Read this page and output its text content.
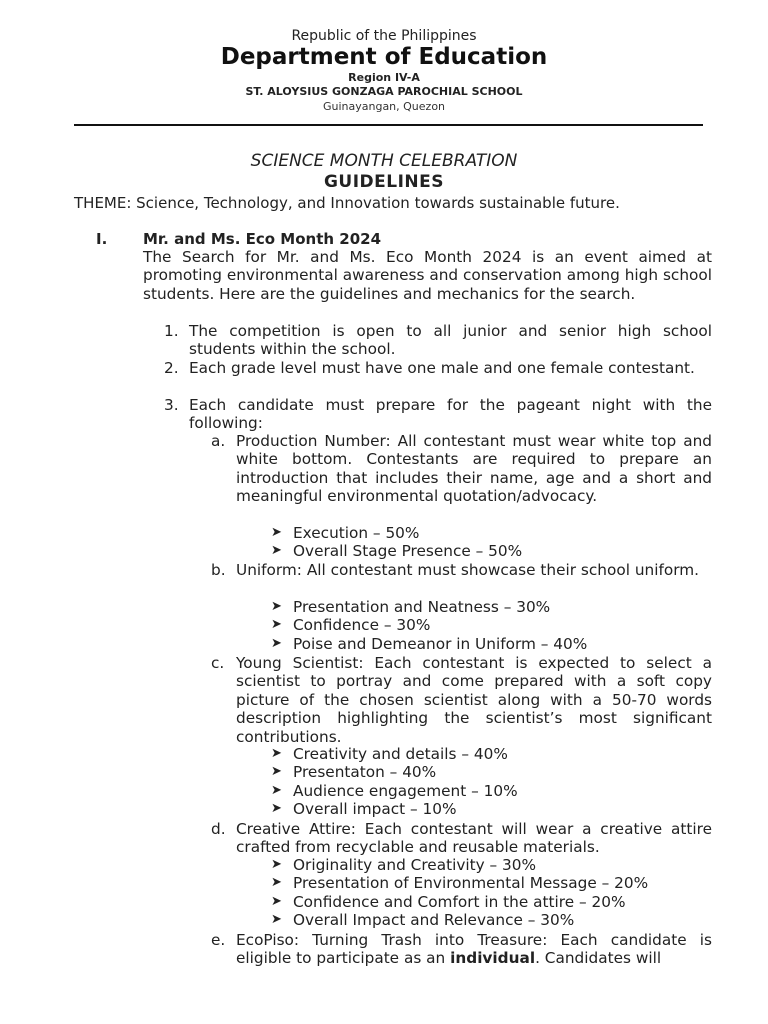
Republic of the Philippines

Department of Education

Region IV-A

ST. ALOYSIUS GONZAGA PAROCHIAL SCHOOL

Guinayangan, Quezon

SCIENCE MONTH CELEBRATION

GUIDELINES

THEME: Science, Technology, and Innovation towards sustainable future.

I. Mr. and Ms. Eco Month 2024
The Search for Mr. and Ms. Eco Month 2024 is an event aimed at promoting environmental awareness and conservation among high school students. Here are the guidelines and mechanics for the search.
1. The competition is open to all junior and senior high school students within the school.
2. Each grade level must have one male and one female contestant.
3. Each candidate must prepare for the pageant night with the following:
a. Production Number: All contestant must wear white top and white bottom. Contestants are required to prepare an introduction that includes their name, age and a short and meaningful environmental quotation/advocacy.
➤ Execution – 50%
➤ Overall Stage Presence – 50%
b. Uniform: All contestant must showcase their school uniform.
➤ Presentation and Neatness – 30%
➤ Confidence – 30%
➤ Poise and Demeanor in Uniform – 40%
c. Young Scientist: Each contestant is expected to select a scientist to portray and come prepared with a soft copy picture of the chosen scientist along with a 50-70 words description highlighting the scientist’s most significant contributions.
➤ Creativity and details – 40%
➤ Presentaton – 40%
➤ Audience engagement – 10%
➤ Overall impact – 10%
d. Creative Attire: Each contestant will wear a creative attire crafted from recyclable and reusable materials.
➤ Originality and Creativity – 30%
➤ Presentation of Environmental Message – 20%
➤ Confidence and Comfort in the attire – 20%
➤ Overall Impact and Relevance – 30%
e. EcoPiso: Turning Trash into Treasure: Each candidate is eligible to participate as an individual. Candidates will
